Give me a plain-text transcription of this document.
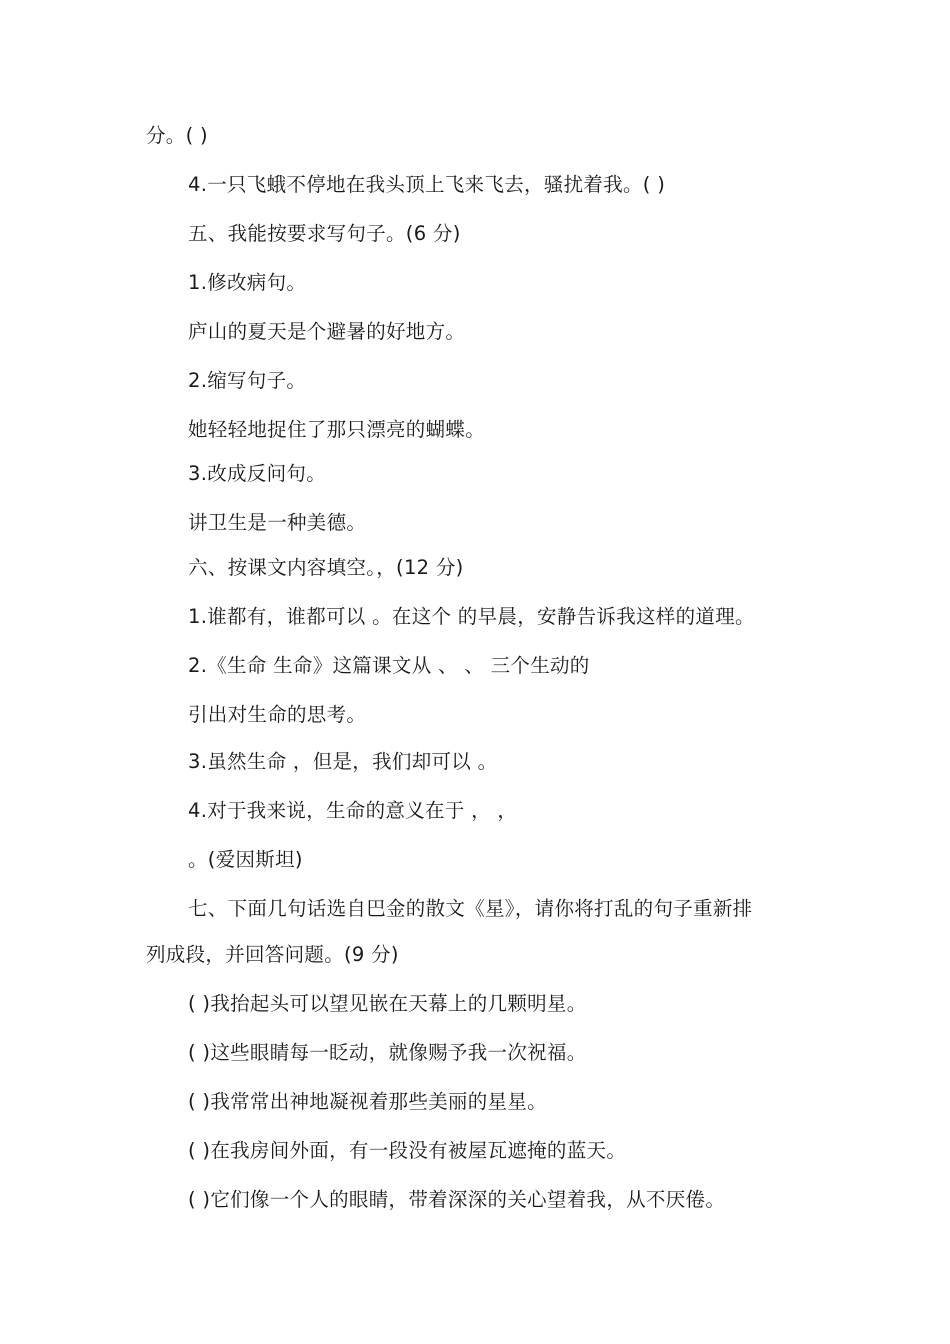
分。( )
4.一只飞蛾不停地在我头顶上飞来飞去，骚扰着我。( )
五、我能按要求写句子。(6 分)
1.修改病句。
庐山的夏天是个避暑的好地方。
2.缩写句子。
她轻轻地捉住了那只漂亮的蝴蝶。
3.改成反问句。
讲卫生是一种美德。
六、按课文内容填空。，(12 分)
1.谁都有，谁都可以 。在这个 的早晨，安静告诉我这样的道理。
2.《生命 生命》这篇课文从 、 、 三个生动的
引出对生命的思考。
3.虽然生命 ，但是，我们却可以 。
4.对于我来说，生命的意义在于 ， ，
。(爱因斯坦)
七、下面几句话选自巴金的散文《星》，请你将打乱的句子重新排
列成段，并回答问题。(9 分)
( )我抬起头可以望见嵌在天幕上的几颗明星。
( )这些眼睛每一眨动，就像赐予我一次祝福。
( )我常常出神地凝视着那些美丽的星星。
( )在我房间外面，有一段没有被屋瓦遮掩的蓝天。
( )它们像一个人的眼睛，带着深深的关心望着我，从不厌倦。
